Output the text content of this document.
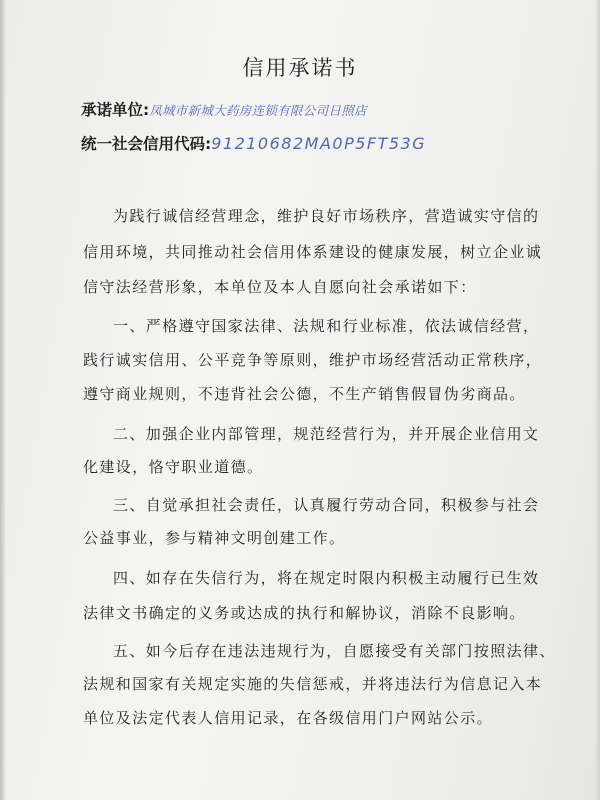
信用承诺书
承诺单位:凤城市新城大药房连锁有限公司日照店
统一社会信用代码:91210682MA0P5FT53G
为践行诚信经营理念，维护良好市场秩序，营造诚实守信的
信用环境，共同推动社会信用体系建设的健康发展，树立企业诚
信守法经营形象，本单位及本人自愿向社会承诺如下：
一、严格遵守国家法律、法规和行业标准，依法诚信经营，
践行诚实信用、公平竞争等原则，维护市场经营活动正常秩序，
遵守商业规则，不违背社会公德，不生产销售假冒伪劣商品。
二、加强企业内部管理，规范经营行为，并开展企业信用文
化建设，恪守职业道德。
三、自觉承担社会责任，认真履行劳动合同，积极参与社会
公益事业，参与精神文明创建工作。
四、如存在失信行为，将在规定时限内积极主动履行已生效
法律文书确定的义务或达成的执行和解协议，消除不良影响。
五、如今后存在违法违规行为，自愿接受有关部门按照法律、
法规和国家有关规定实施的失信惩戒，并将违法行为信息记入本
单位及法定代表人信用记录，在各级信用门户网站公示。
